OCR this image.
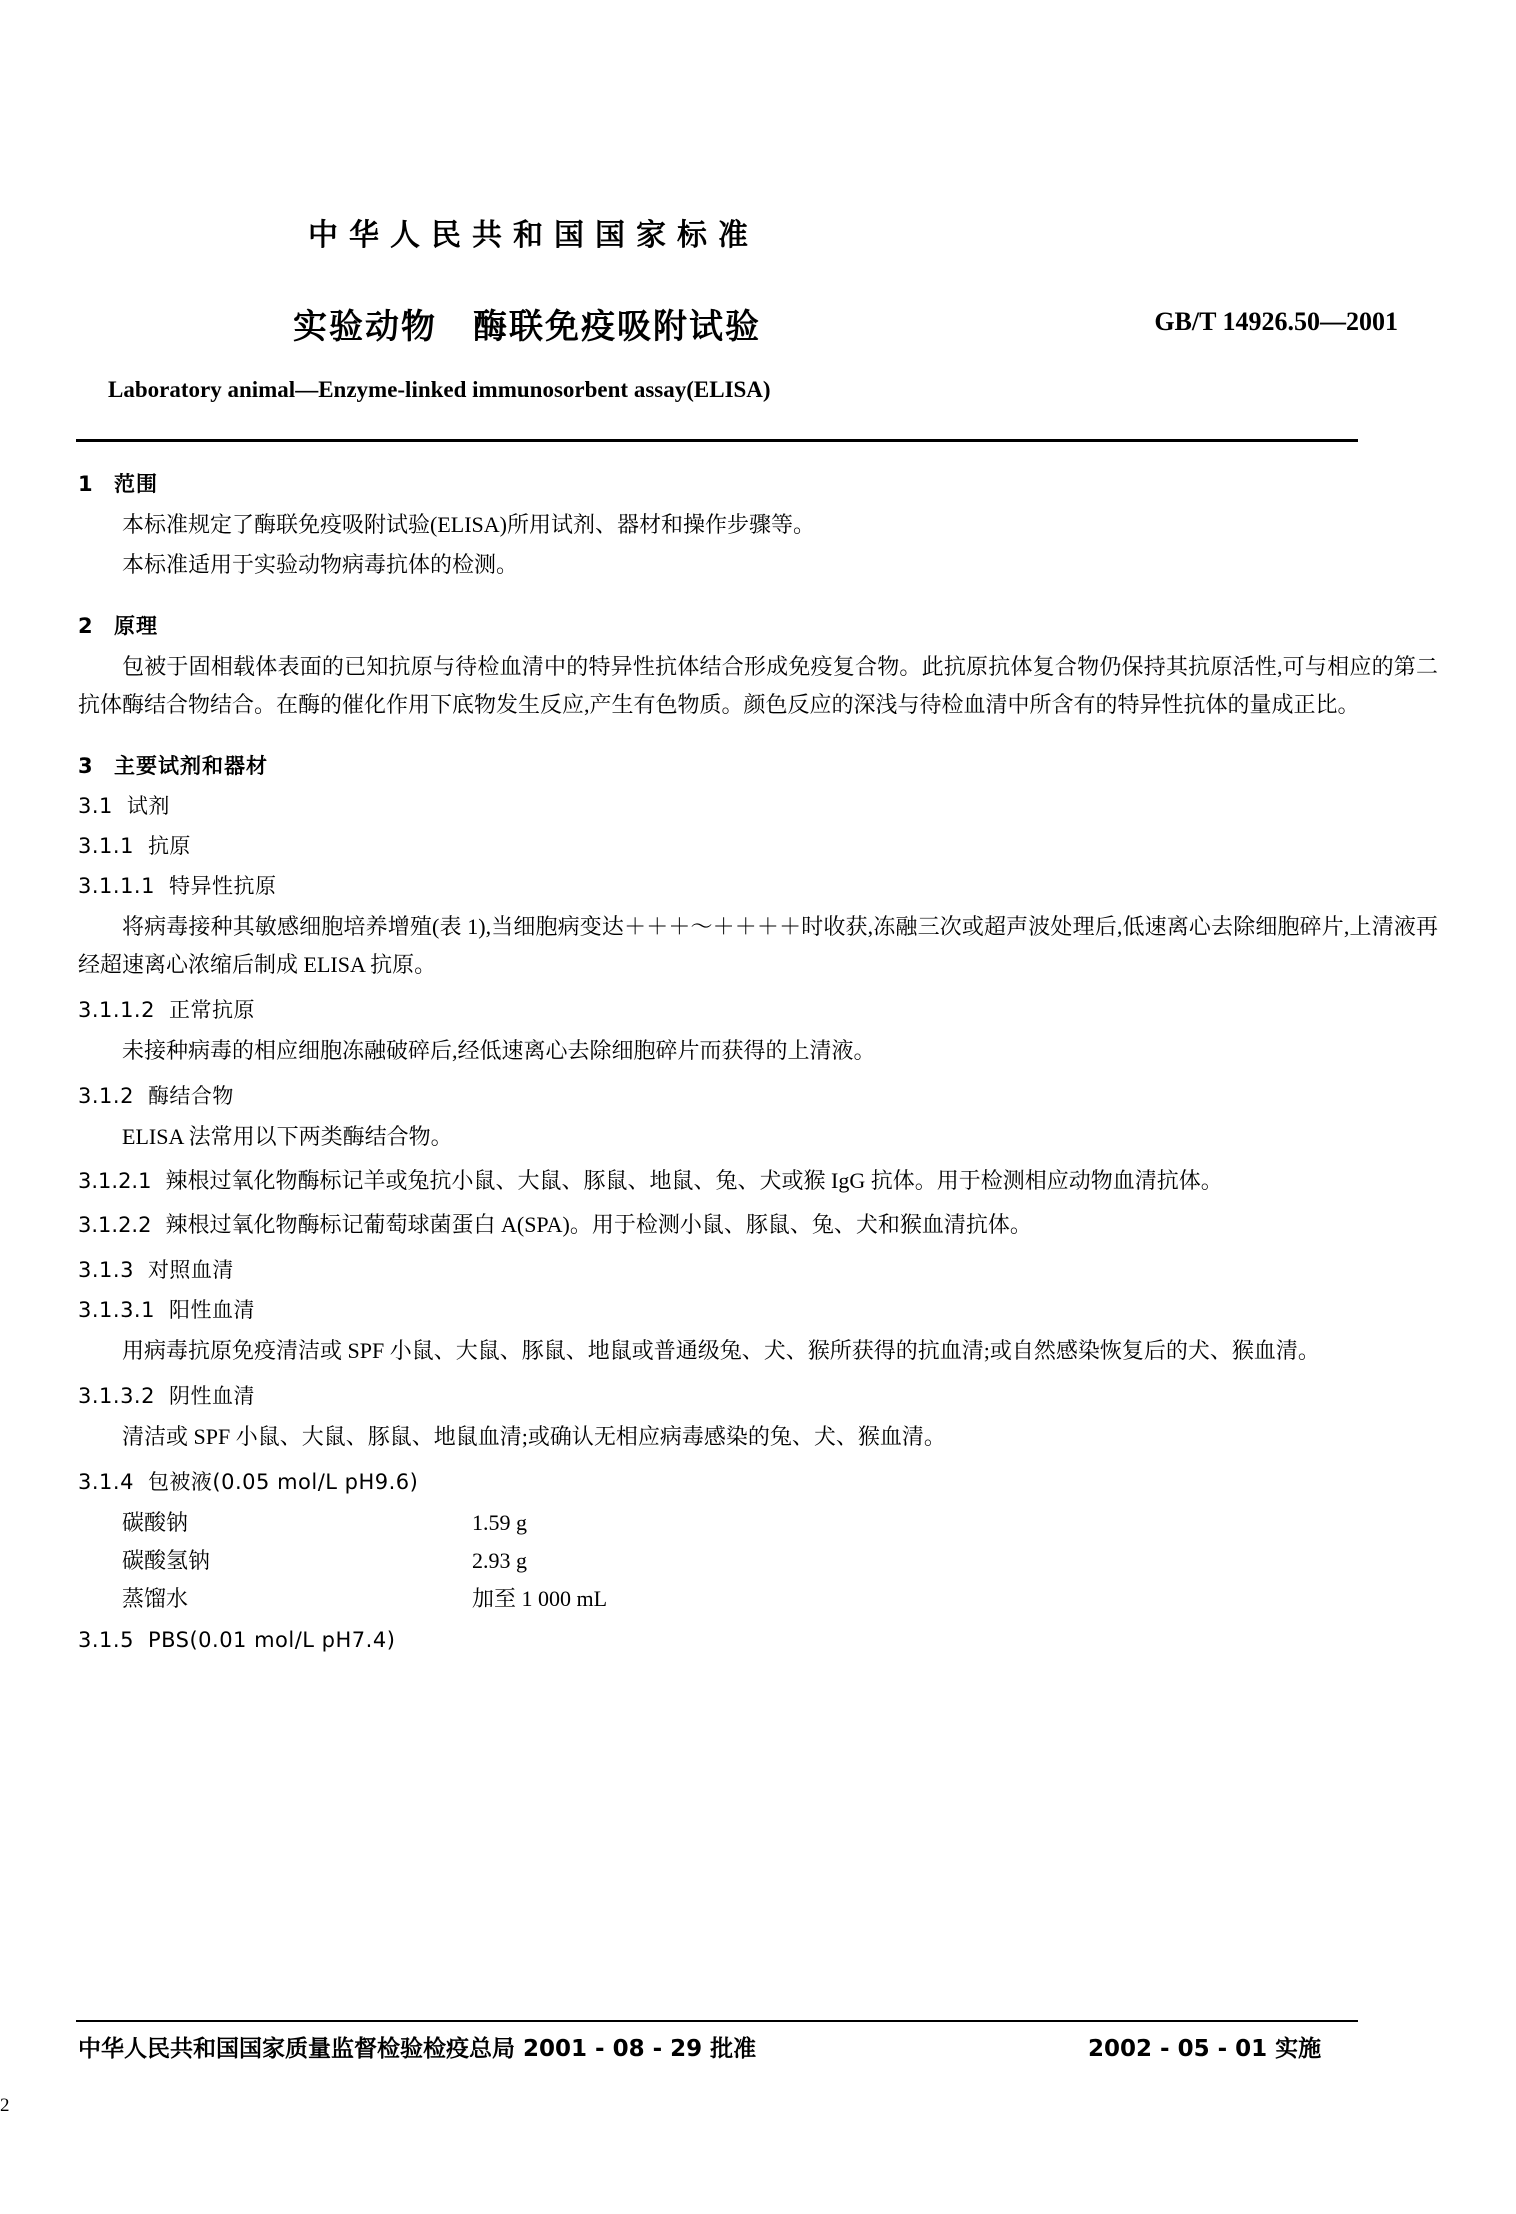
中华人民共和国国家标准
实验动物　酶联免疫吸附试验	GB/T 14926.50—2001
Laboratory animal—Enzyme-linked immunosorbent assay(ELISA)
1 范围
本标准规定了酶联免疫吸附试验(ELISA)所用试剂、器材和操作步骤等。
本标准适用于实验动物病毒抗体的检测。
2 原理
包被于固相载体表面的已知抗原与待检血清中的特异性抗体结合形成免疫复合物。此抗原抗体复合物仍保持其抗原活性,可与相应的第二抗体酶结合物结合。在酶的催化作用下底物发生反应,产生有色物质。颜色反应的深浅与待检血清中所含有的特异性抗体的量成正比。
3 主要试剂和器材
3.1 试剂
3.1.1 抗原
3.1.1.1 特异性抗原
将病毒接种其敏感细胞培养增殖(表 1),当细胞病变达＋＋＋～＋＋＋＋时收获,冻融三次或超声波处理后,低速离心去除细胞碎片,上清液再经超速离心浓缩后制成 ELISA 抗原。
3.1.1.2 正常抗原
未接种病毒的相应细胞冻融破碎后,经低速离心去除细胞碎片而获得的上清液。
3.1.2 酶结合物
ELISA 法常用以下两类酶结合物。
3.1.2.1 辣根过氧化物酶标记羊或兔抗小鼠、大鼠、豚鼠、地鼠、兔、犬或猴 IgG 抗体。用于检测相应动物血清抗体。
3.1.2.2 辣根过氧化物酶标记葡萄球菌蛋白 A(SPA)。用于检测小鼠、豚鼠、兔、犬和猴血清抗体。
3.1.3 对照血清
3.1.3.1 阳性血清
用病毒抗原免疫清洁或 SPF 小鼠、大鼠、豚鼠、地鼠或普通级兔、犬、猴所获得的抗血清;或自然感染恢复后的犬、猴血清。
3.1.3.2 阴性血清
清洁或 SPF 小鼠、大鼠、豚鼠、地鼠血清;或确认无相应病毒感染的兔、犬、猴血清。
3.1.4 包被液(0.05 mol/L pH9.6)
碳酸钠	1.59 g
碳酸氢钠	2.93 g
蒸馏水	加至 1 000 mL
3.1.5 PBS(0.01 mol/L pH7.4)
中华人民共和国国家质量监督检验检疫总局 2001 - 08 - 29 批准	2002 - 05 - 01 实施
2
